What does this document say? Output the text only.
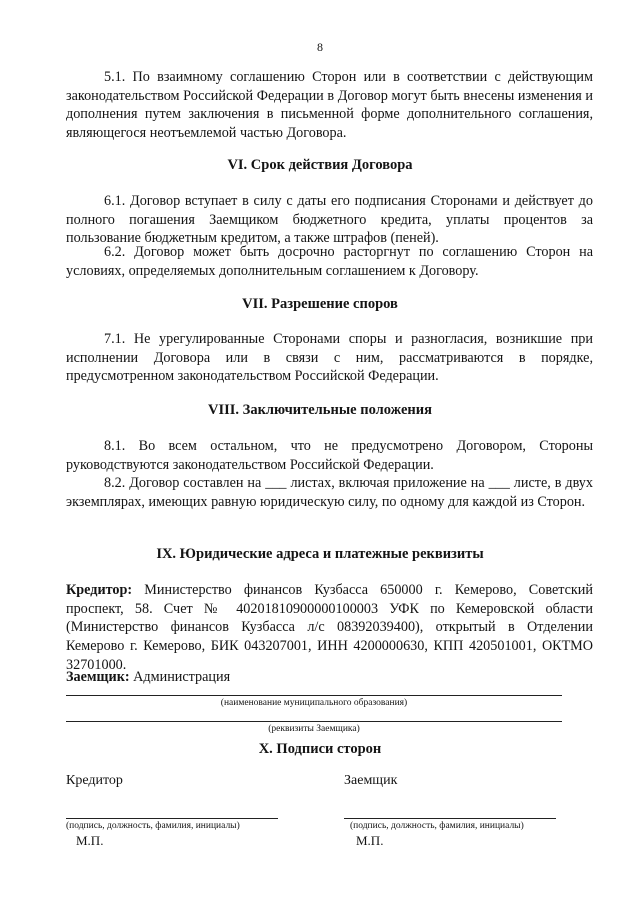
8

5.1. По взаимному соглашению Сторон или в соответствии с действующим законодательством Российской Федерации в Договор могут быть внесены изменения и дополнения путем заключения в письменной форме дополнительного соглашения, являющегося неотъемлемой частью Договора.

VI. Срок действия Договора

6.1. Договор вступает в силу с даты его подписания Сторонами и действует до полного погашения Заемщиком бюджетного кредита, уплаты процентов за пользование бюджетным кредитом, а также штрафов (пеней).

6.2. Договор может быть досрочно расторгнут по соглашению Сторон на условиях, определяемых дополнительным соглашением к Договору.

VII. Разрешение споров

7.1. Не урегулированные Сторонами споры и разногласия, возникшие при исполнении Договора или в связи с ним, рассматриваются в порядке, предусмотренном законодательством Российской Федерации.

VIII. Заключительные положения

8.1. Во всем остальном, что не предусмотрено Договором, Стороны руководствуются законодательством Российской Федерации.

8.2. Договор составлен на ___ листах, включая приложение на ___ листе, в двух экземплярах, имеющих равную юридическую силу, по одному для каждой из Сторон.

IX. Юридические адреса и платежные реквизиты

Кредитор: Министерство финансов Кузбасса 650000 г. Кемерово, Советский проспект, 58. Счет № 40201810900000100003 УФК по Кемеровской области (Министерство финансов Кузбасса л/с 08392039400), открытый в Отделении Кемерово г. Кемерово, БИК 043207001, ИНН 4200000630, КПП 420501001, ОКТМО 32701000.

Заемщик: Администрация

(наименование муниципального образования)
(реквизиты Заемщика)

X. Подписи сторон

Кредитор	Заемщик
(подпись, должность, фамилия, инициалы)	(подпись, должность, фамилия, инициалы)
М.П.	М.П.
